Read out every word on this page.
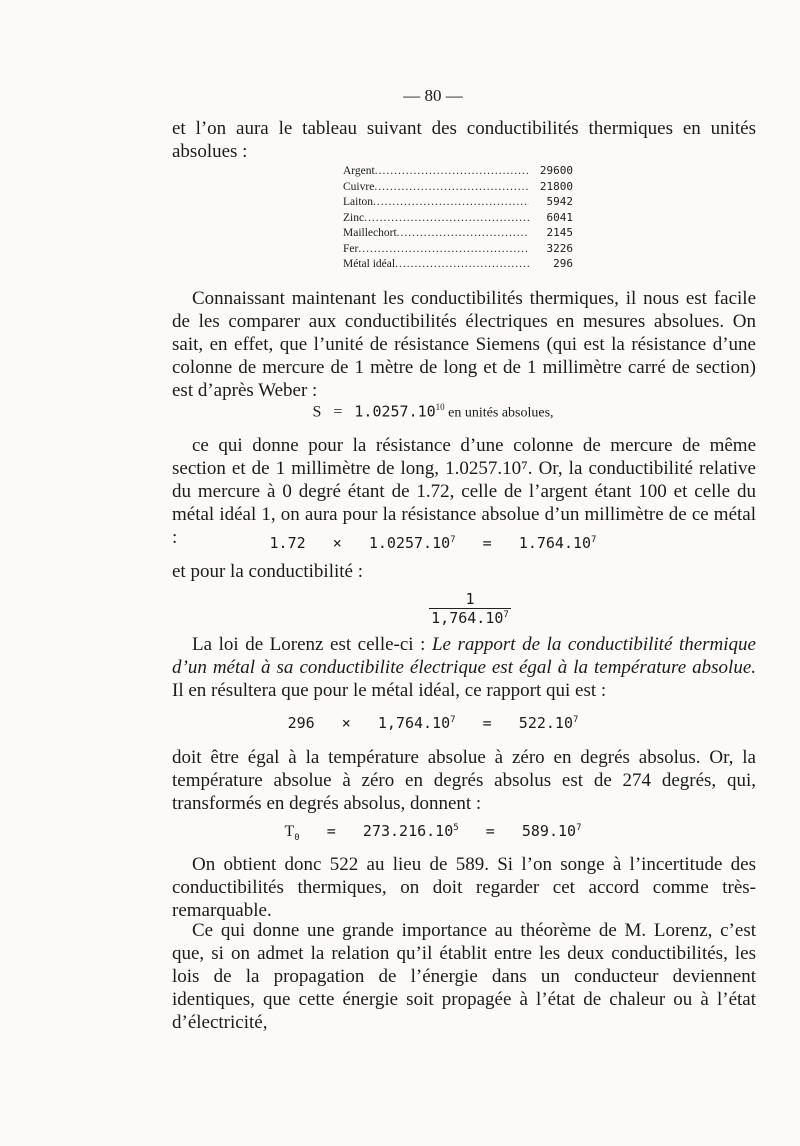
— 80 —
et l’on aura le tableau suivant des conductibilités thermiques en unités absolues :
Argent .....	29600
Cuivre .....	21800
Laiton .....	5942
Zinc .....	6041
Maillechort .....	2145
Fer .....	3226
Métal idéal .....	296
Connaissant maintenant les conductibilités thermiques, il nous est facile de les comparer aux conductibilités électriques en mesures absolues. On sait, en effet, que l’unité de résistance Siemens (qui est la résistance d’une colonne de mercure de 1 mètre de long et de 1 millimètre carré de section) est d’après Weber :
$S = 1.0257.10^{10}$ en unités absolues,
ce qui donne pour la résistance d’une colonne de mercure de même section et de 1 millimètre de long, 1.0257.10⁷. Or, la conductibilité relative du mercure à 0 degré étant de 1.72, celle de l’argent étant 100 et celle du métal idéal 1, on aura pour la résistance absolue d’un millimètre de ce métal :	$1.72 \times 1.0257.10^7 = 1.764.10^7$
et pour la conductibilité :
1
1,764.10$^7$
La loi de Lorenz est celle-ci : Le rapport de la conductibilité thermique d’un métal à sa conductibilite électrique est égal à la température absolue. Il en résultera que pour le métal idéal, ce rapport qui est :
$296 \times 1,764.10^7 = 522.10^7$
doit être égal à la température absolue à zéro en degrés absolus. Or, la température absolue à zéro en degrés absolus est de 274 degrés, qui, transformés en degrés absolus, donnent :
$T_0 = 273.216.10^5 = 589.10^7$
On obtient donc 522 au lieu de 589. Si l’on songe à l’incertitude des conductibilités thermiques, on doit regarder cet accord comme très-remarquable.
Ce qui donne une grande importance au théorème de M. Lorenz, c’est que, si on admet la relation qu’il établit entre les deux conductibilités, les lois de la propagation de l’énergie dans un conducteur deviennent identiques, que cette énergie soit propagée à l’état de chaleur ou à l’état d’électricité,
